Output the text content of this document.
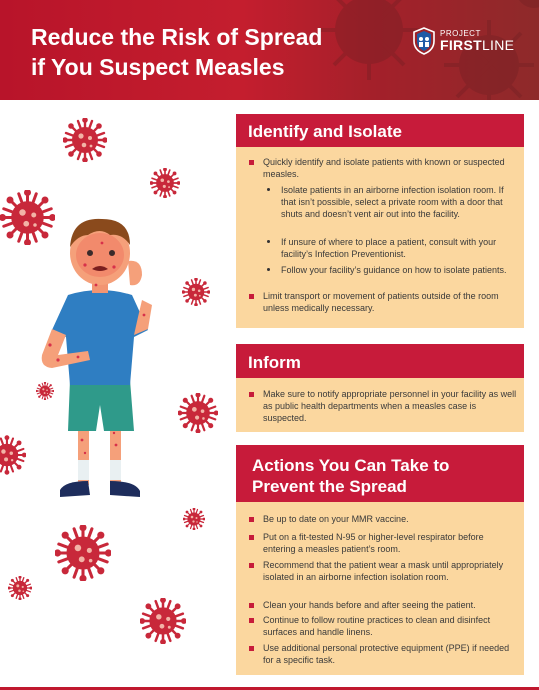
Reduce the Risk of Spread
if You Suspect Measles
PROJECT
FIRSTLINE
Identify and Isolate
Quickly identify and isolate patients with known or suspected measles.
Isolate patients in an airborne infection isolation room. If that isn’t possible, select a private room with a door that shuts and doesn’t vent air out into the facility.
If unsure of where to place a patient, consult with your facility’s Infection Preventionist.
Follow your facility’s guidance on how to isolate patients.
Limit transport or movement of patients outside of the room unless medically necessary.
Inform
Make sure to notify appropriate personnel in your facility as well as public health departments when a measles case is suspected.
Actions You Can Take to
Prevent the Spread
Be up to date on your MMR vaccine.
Put on a fit-tested N-95 or higher-level respirator before entering a measles patient’s room.
Recommend that the patient wear a mask until appropriately isolated in an airborne infection isolation room.
Clean your hands before and after seeing the patient.
Continue to follow routine practices to clean and disinfect surfaces and handle linens.
Use additional personal protective equipment (PPE) if needed for a specific task.
